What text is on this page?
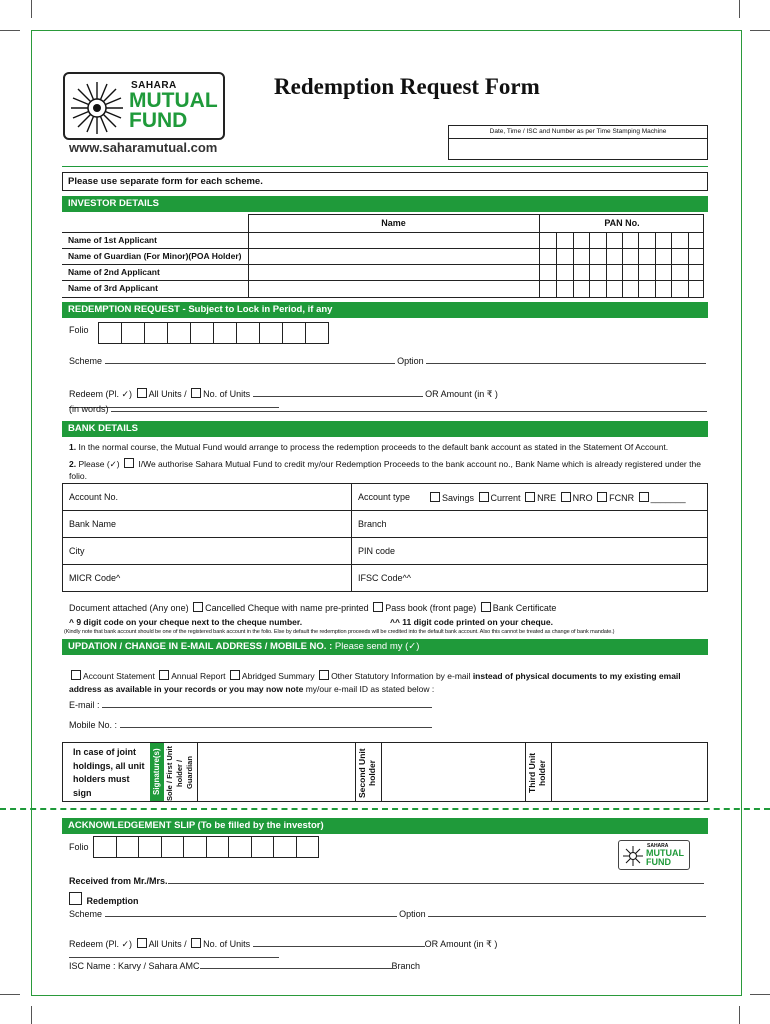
SAHARA
MUTUAL
FUND
www.saharamutual.com
Redemption Request Form
Date, Time / ISC and Number as per Time Stamping Machine
Please use separate form for each scheme.
INVESTOR DETAILS
Name	PAN No.
Name of 1st Applicant
Name of Guardian (For Minor)(POA Holder)
Name of 2nd Applicant
Name of 3rd Applicant
REDEMPTION REQUEST - Subject to Lock in Period, if any
Folio
Scheme	Option
Redeem (Pl. ✓) All Units / No. of Units	OR Amount (in ₹ )
(in words)
BANK DETAILS
1. In the normal course, the Mutual Fund would arrange to process the redemption proceeds to the default bank account as stated in the Statement Of Account.
2. Please (✓) I/We authorise Sahara Mutual Fund to credit my/our Redemption Proceeds to the bank account no., Bank Name which is already registered under the folio.
Account No.	Account type	Savings Current NRE NRO FCNR _______
Bank Name	Branch	
City	PIN code	
MICR Code^	IFSC Code^^	
Document attached (Any one) Cancelled Cheque with name pre-printed Pass book (front page) Bank Certificate
^ 9 digit code on your cheque next to the cheque number.	^^ 11 digit code printed on your cheque.
(Kindly note that bank account should be one of the registered bank account in the folio. Else by default the redemption proceeds will be credited into the default bank account. Also this cannot be treated as change of bank mandate.)
UPDATION / CHANGE IN E-MAIL ADDRESS / MOBILE NO. : Please send my (✓)
Account Statement Annual Report Abridged Summary Other Statutory Information by e-mail instead of physical documents to my existing email address as available in your records or you may now note my/our e-mail ID as stated below :
E-mail :
Mobile No. :
In case of joint holdings, all unit holders must sign	Signature(s) Sole / First Unit holder / Guardian	Second Unit holder	Third Unit holder
ACKNOWLEDGEMENT SLIP (To be filled by the investor)
Folio	SAHARA
MUTUAL
FUND
Received from Mr./Mrs.
Redemption
Scheme	Option
Redeem (Pl. ✓) All Units / No. of Units	OR Amount (in ₹ )
ISC Name : Karvy / Sahara AMC	Branch
